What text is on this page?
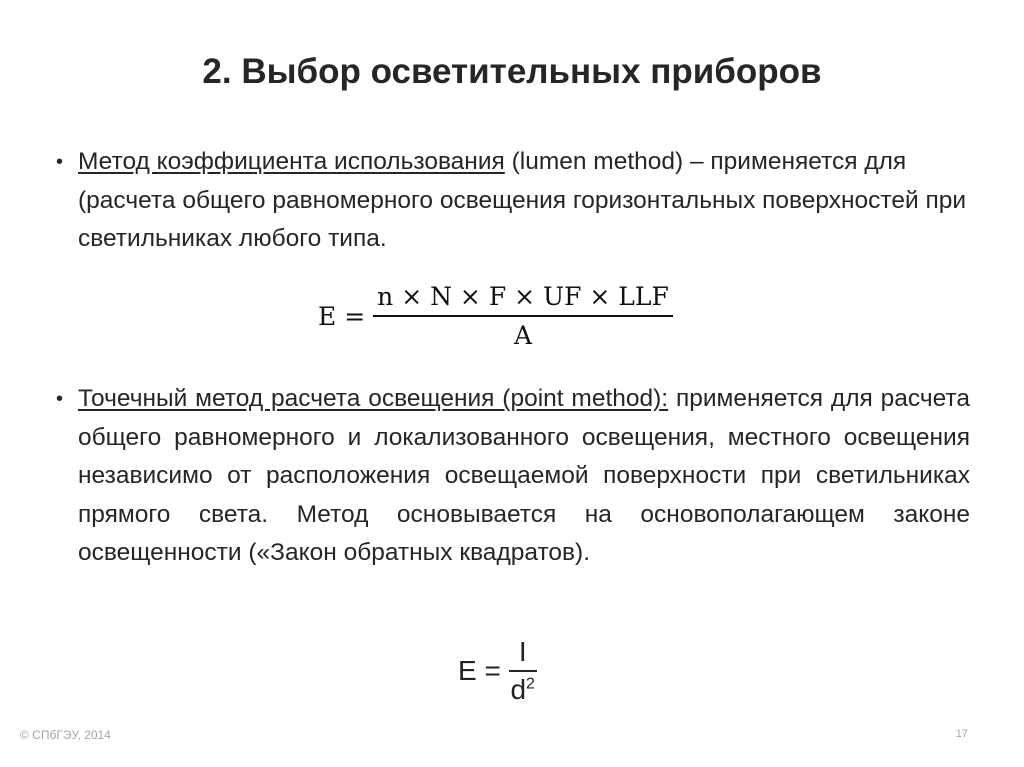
2. Выбор осветительных приборов
• Метод коэффициента использования (lumen method) – применяется для (расчета общего равномерного освещения горизонтальных поверхностей при светильниках любого типа.
$E = \frac{\text{n × N × F × UF × LLF}}{A}$
• Точечный метод расчета освещения (point method): применяется для расчета общего равномерного и локализованного освещения, местного освещения независимо от расположения освещаемой поверхности при светильниках прямого света. Метод основывается на основополагающем законе освещенности («Закон обратных квадратов).
$E = \frac{I}{d^2}$
© СПбГЭУ, 2014	17
